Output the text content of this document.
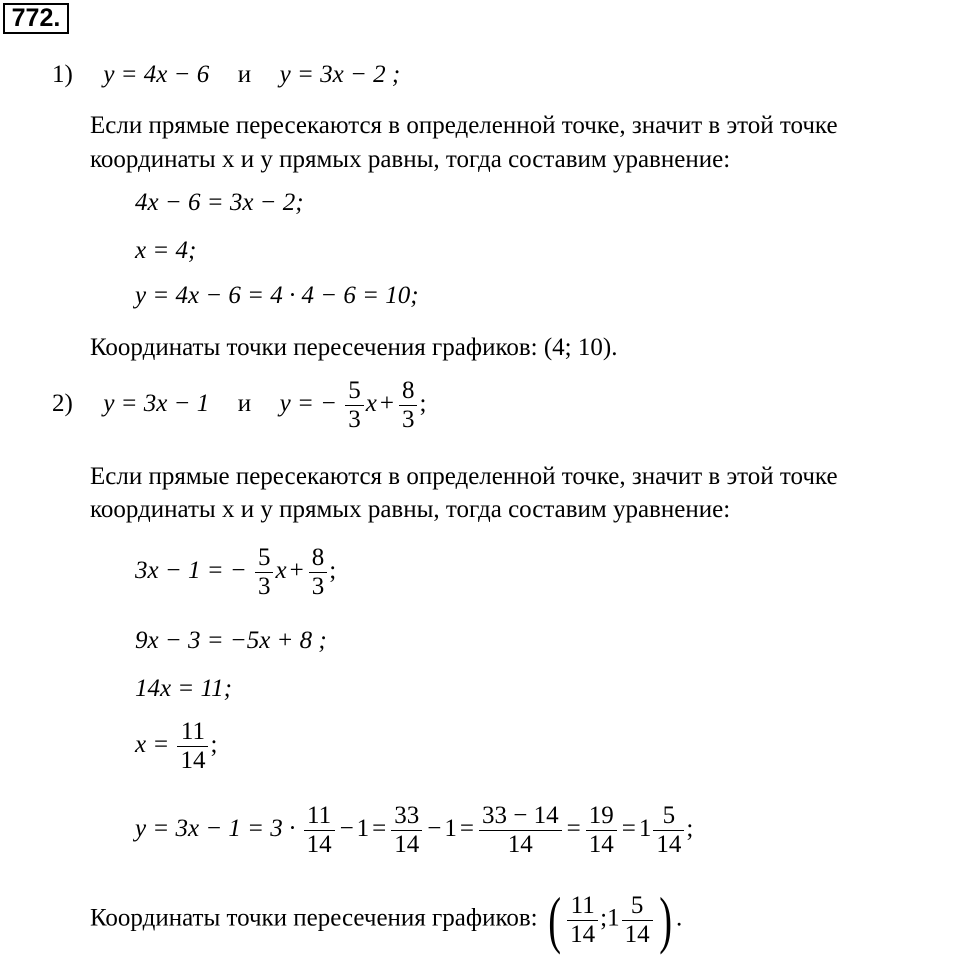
772.
1) y = 4x − 6 и y = 3x − 2 ;
Если прямые пересекаются в определенной точке, значит в этой точке
координаты x и y прямых равны, тогда составим уравнение:
4x − 6 = 3x − 2;
x = 4;
y = 4x − 6 = 4 · 4 − 6 = 10;
Координаты точки пересечения графиков: (4; 10).
2) y = 3x − 1 и y = − $\frac{5}{3}$ $x + \frac{8}{3}$ ;
Если прямые пересекаются в определенной точке, значит в этой точке
координаты x и y прямых равны, тогда составим уравнение:
3x − 1 = − $\frac{5}{3}$ $x + \frac{8}{3}$ ;
9x − 3 = −5x + 8 ;
14x = 11;
$x = \frac{11}{14}$ ;
$y = 3x - 1 = 3 \cdot \frac{11}{14} - 1 = \frac{33}{14} - 1 = \frac{33 - 14}{14} = \frac{19}{14} = 1 \frac{5}{14}$ ;
Координаты точки пересечения графиков: ( $\frac{11}{14}$ ;1 $\frac{5}{14}$ ) .
